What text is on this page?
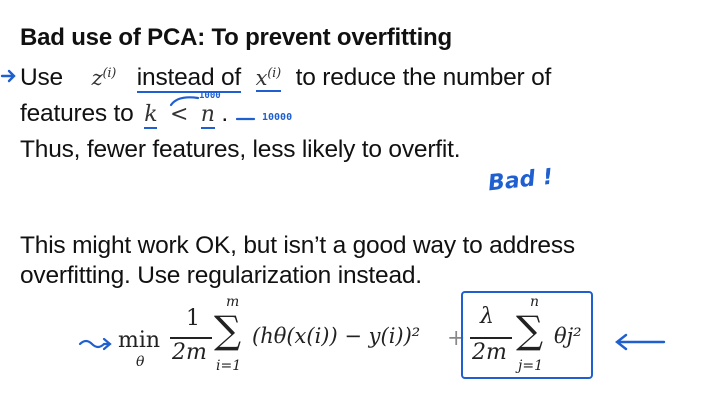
Bad use of PCA: To prevent overfitting
Use $z^{(i)}$ instead of $x^{(i)}$ to reduce the number of
1000
features to k < n .	10000
Thus, fewer features, less likely to overfit.
Bad !
This might work OK, but isn’t a good way to address
overfitting. Use regularization instead.
min
θ
1
2m
m
∑
i=1
(hθ(x(i)) − y(i))² +
λ
2m
n
∑
j=1
θj²
